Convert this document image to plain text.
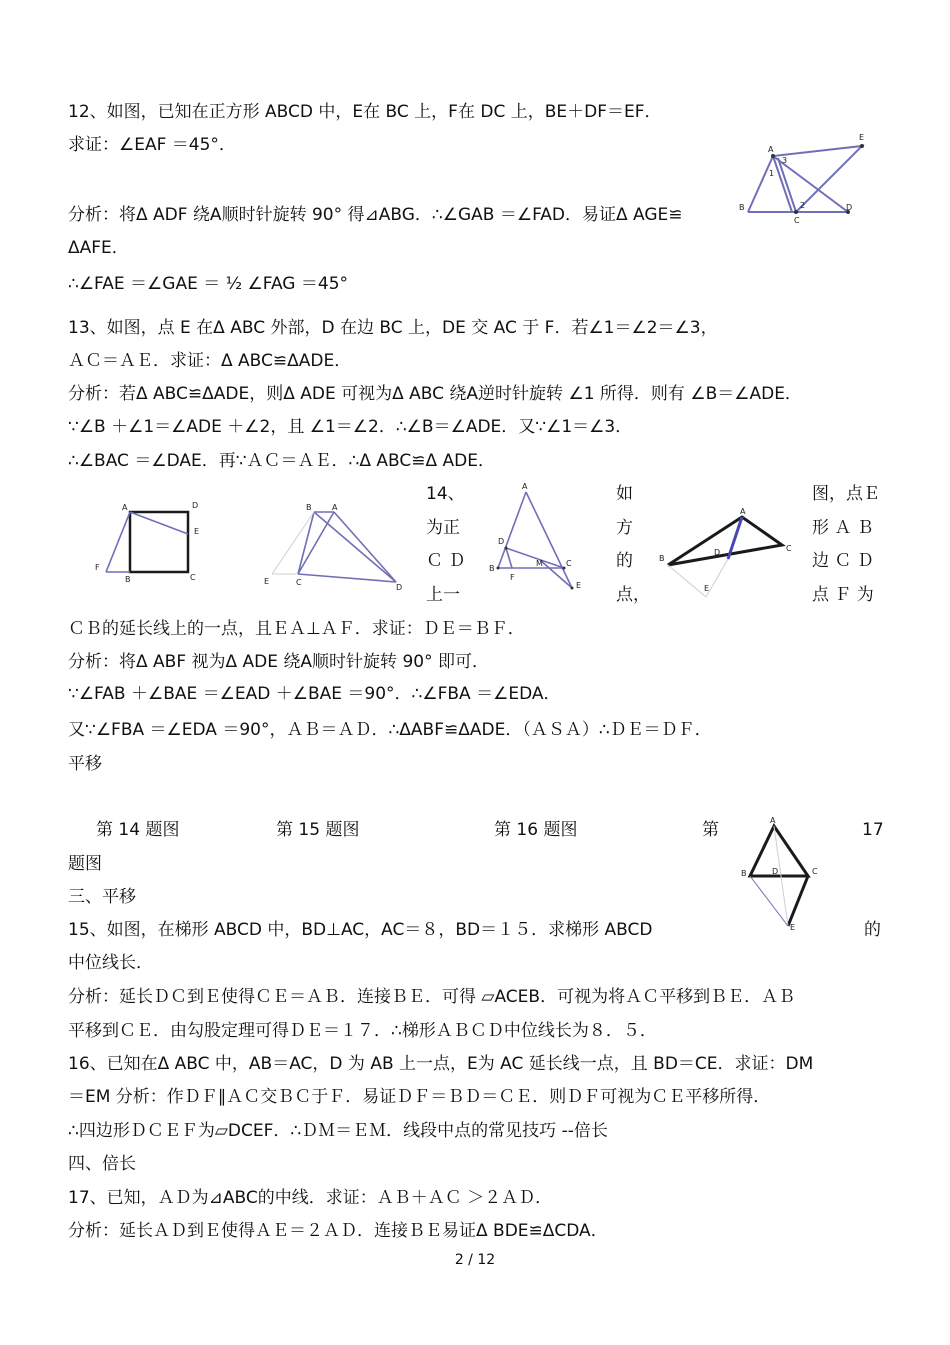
12、如图，已知在正方形 ABCD 中，E在 BC 上，F在 DC 上，BE＋DF＝EF．
求证：∠EAF ＝45°．
分析：将Δ ADF 绕A顺时针旋转 90° 得⊿ABG．∴∠GAB ＝∠FAD．易证Δ AGE≌
ΔAFE．
∴∠FAE ＝∠GAE ＝ ½ ∠FAG ＝45°
13、如图，点 E 在Δ ABC 外部，D 在边 BC 上，DE 交 AC 于 F．若∠1＝∠2＝∠3，
ＡＣ＝ＡＥ．求证：Δ ABC≌ΔADE．
分析：若Δ ABC≌ΔADE，则Δ ADE 可视为Δ ABC 绕A逆时针旋转 ∠1 所得．则有 ∠B＝∠ADE．
∵∠B ＋∠1＝∠ADE ＋∠2，且 ∠1＝∠2．∴∠B＝∠ADE．又∵∠1＝∠3．
∴∠BAC ＝∠DAE．再∵ＡＣ＝ＡＥ．∴Δ ABC≌Δ ADE．
14、	如	图，点Ｅ
为正	方	形 Ａ Ｂ
Ｃ Ｄ	的	边 Ｃ Ｄ
上一	点，	点 Ｆ 为
ＣＢ的延长线上的一点，且ＥＡ⊥ＡＦ．求证：ＤＥ＝ＢＦ．
分析：将Δ ABF 视为Δ ADE 绕A顺时针旋转 90° 即可．
∵∠FAB ＋∠BAE ＝∠EAD ＋∠BAE ＝90°．∴∠FBA ＝∠EDA．
又∵∠FBA ＝∠EDA ＝90°，ＡＢ＝ＡＤ．∴ΔABF≌ΔADE．（ＡＳＡ）∴ＤＥ＝ＤＦ．
平移
第 14 题图	第 15 题图	第 16 题图	第	17
题图
三、平移
15、如图，在梯形 ABCD 中，BD⊥AC，AC＝８，BD＝１５．求梯形 ABCD	的
中位线长．
分析：延长ＤＣ到Ｅ使得ＣＥ＝ＡＢ．连接ＢＥ．可得 ▱ACEB．可视为将ＡＣ平移到ＢＥ．ＡＢ
平移到ＣＥ．由勾股定理可得ＤＥ＝１７．∴梯形ＡＢＣＤ中位线长为８．５．
16、已知在Δ ABC 中，AB＝AC，D 为 AB 上一点，E为 AC 延长线一点，且 BD＝CE．求证：DM
＝EM 分析：作ＤＦ∥ＡＣ交ＢＣ于Ｆ．易证ＤＦ＝ＢＤ＝ＣＥ．则ＤＦ可视为ＣＥ平移所得．
∴四边形ＤＣＥＦ为▱DCEF．∴ＤＭ＝ＥＭ．线段中点的常见技巧 --倍长
四、倍长
17、已知，ＡＤ为⊿ABC的中线．求证：ＡＢ＋ＡＣ ＞２ＡＤ．
分析：延长ＡＤ到Ｅ使得ＡＥ＝２ＡＤ．连接ＢＥ易证Δ BDE≌ΔCDA．
2 / 12
A
B
C
D
E
1
2
3
A	D
E
F
B	C
B	A
E	C
D
A
D
B
F
M	C
E
A
B
D	C
E
A
B	D	C
E
